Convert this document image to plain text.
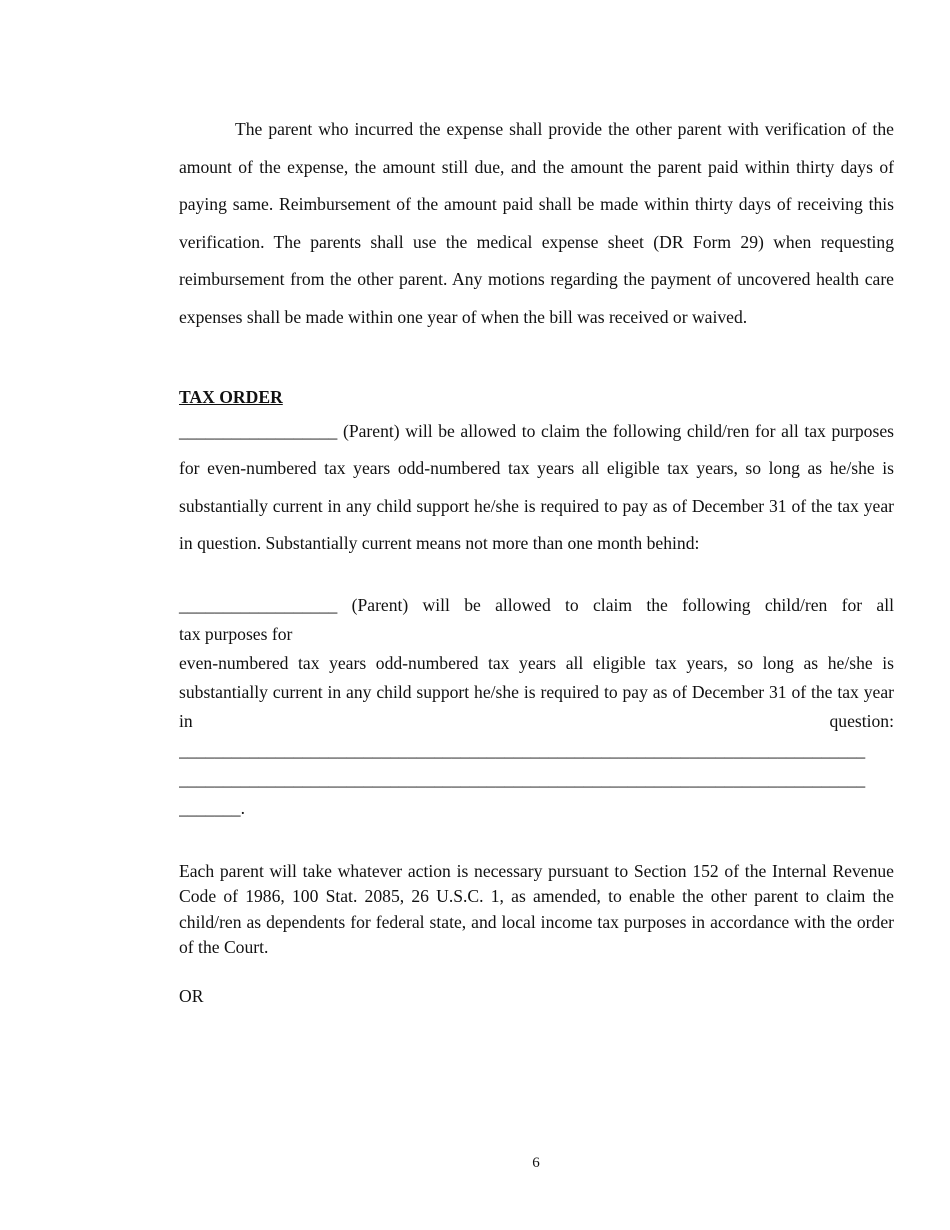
The parent who incurred the expense shall provide the other parent with verification of the amount of the expense, the amount still due, and the amount the parent paid within thirty days of paying same. Reimbursement of the amount paid shall be made within thirty days of receiving this verification. The parents shall use the medical expense sheet (DR Form 29) when requesting reimbursement from the other parent. Any motions regarding the payment of uncovered health care expenses shall be made within one year of when the bill was received or waived.

TAX ORDER

__________________ (Parent) will be allowed to claim the following child/ren for all tax purposes for even-numbered tax years odd-numbered tax years all eligible tax years, so long as he/she is substantially current in any child support he/she is required to pay as of December 31 of the tax year in question. Substantially current means not more than one month behind:

__________________ (Parent) will be allowed to claim the following child/ren for all

tax purposes for

even-numbered tax years odd-numbered tax years all eligible tax years, so long as he/she is substantially current in any child support he/she is required to pay as of December 31 of the tax year in question:

______________________________________________________________________________

______________________________________________________________________________

_______.

Each parent will take whatever action is necessary pursuant to Section 152 of the Internal Revenue Code of 1986, 100 Stat. 2085, 26 U.S.C. 1, as amended, to enable the other parent to claim the child/ren as dependents for federal state, and local income tax purposes in accordance with the order of the Court.

OR

6
